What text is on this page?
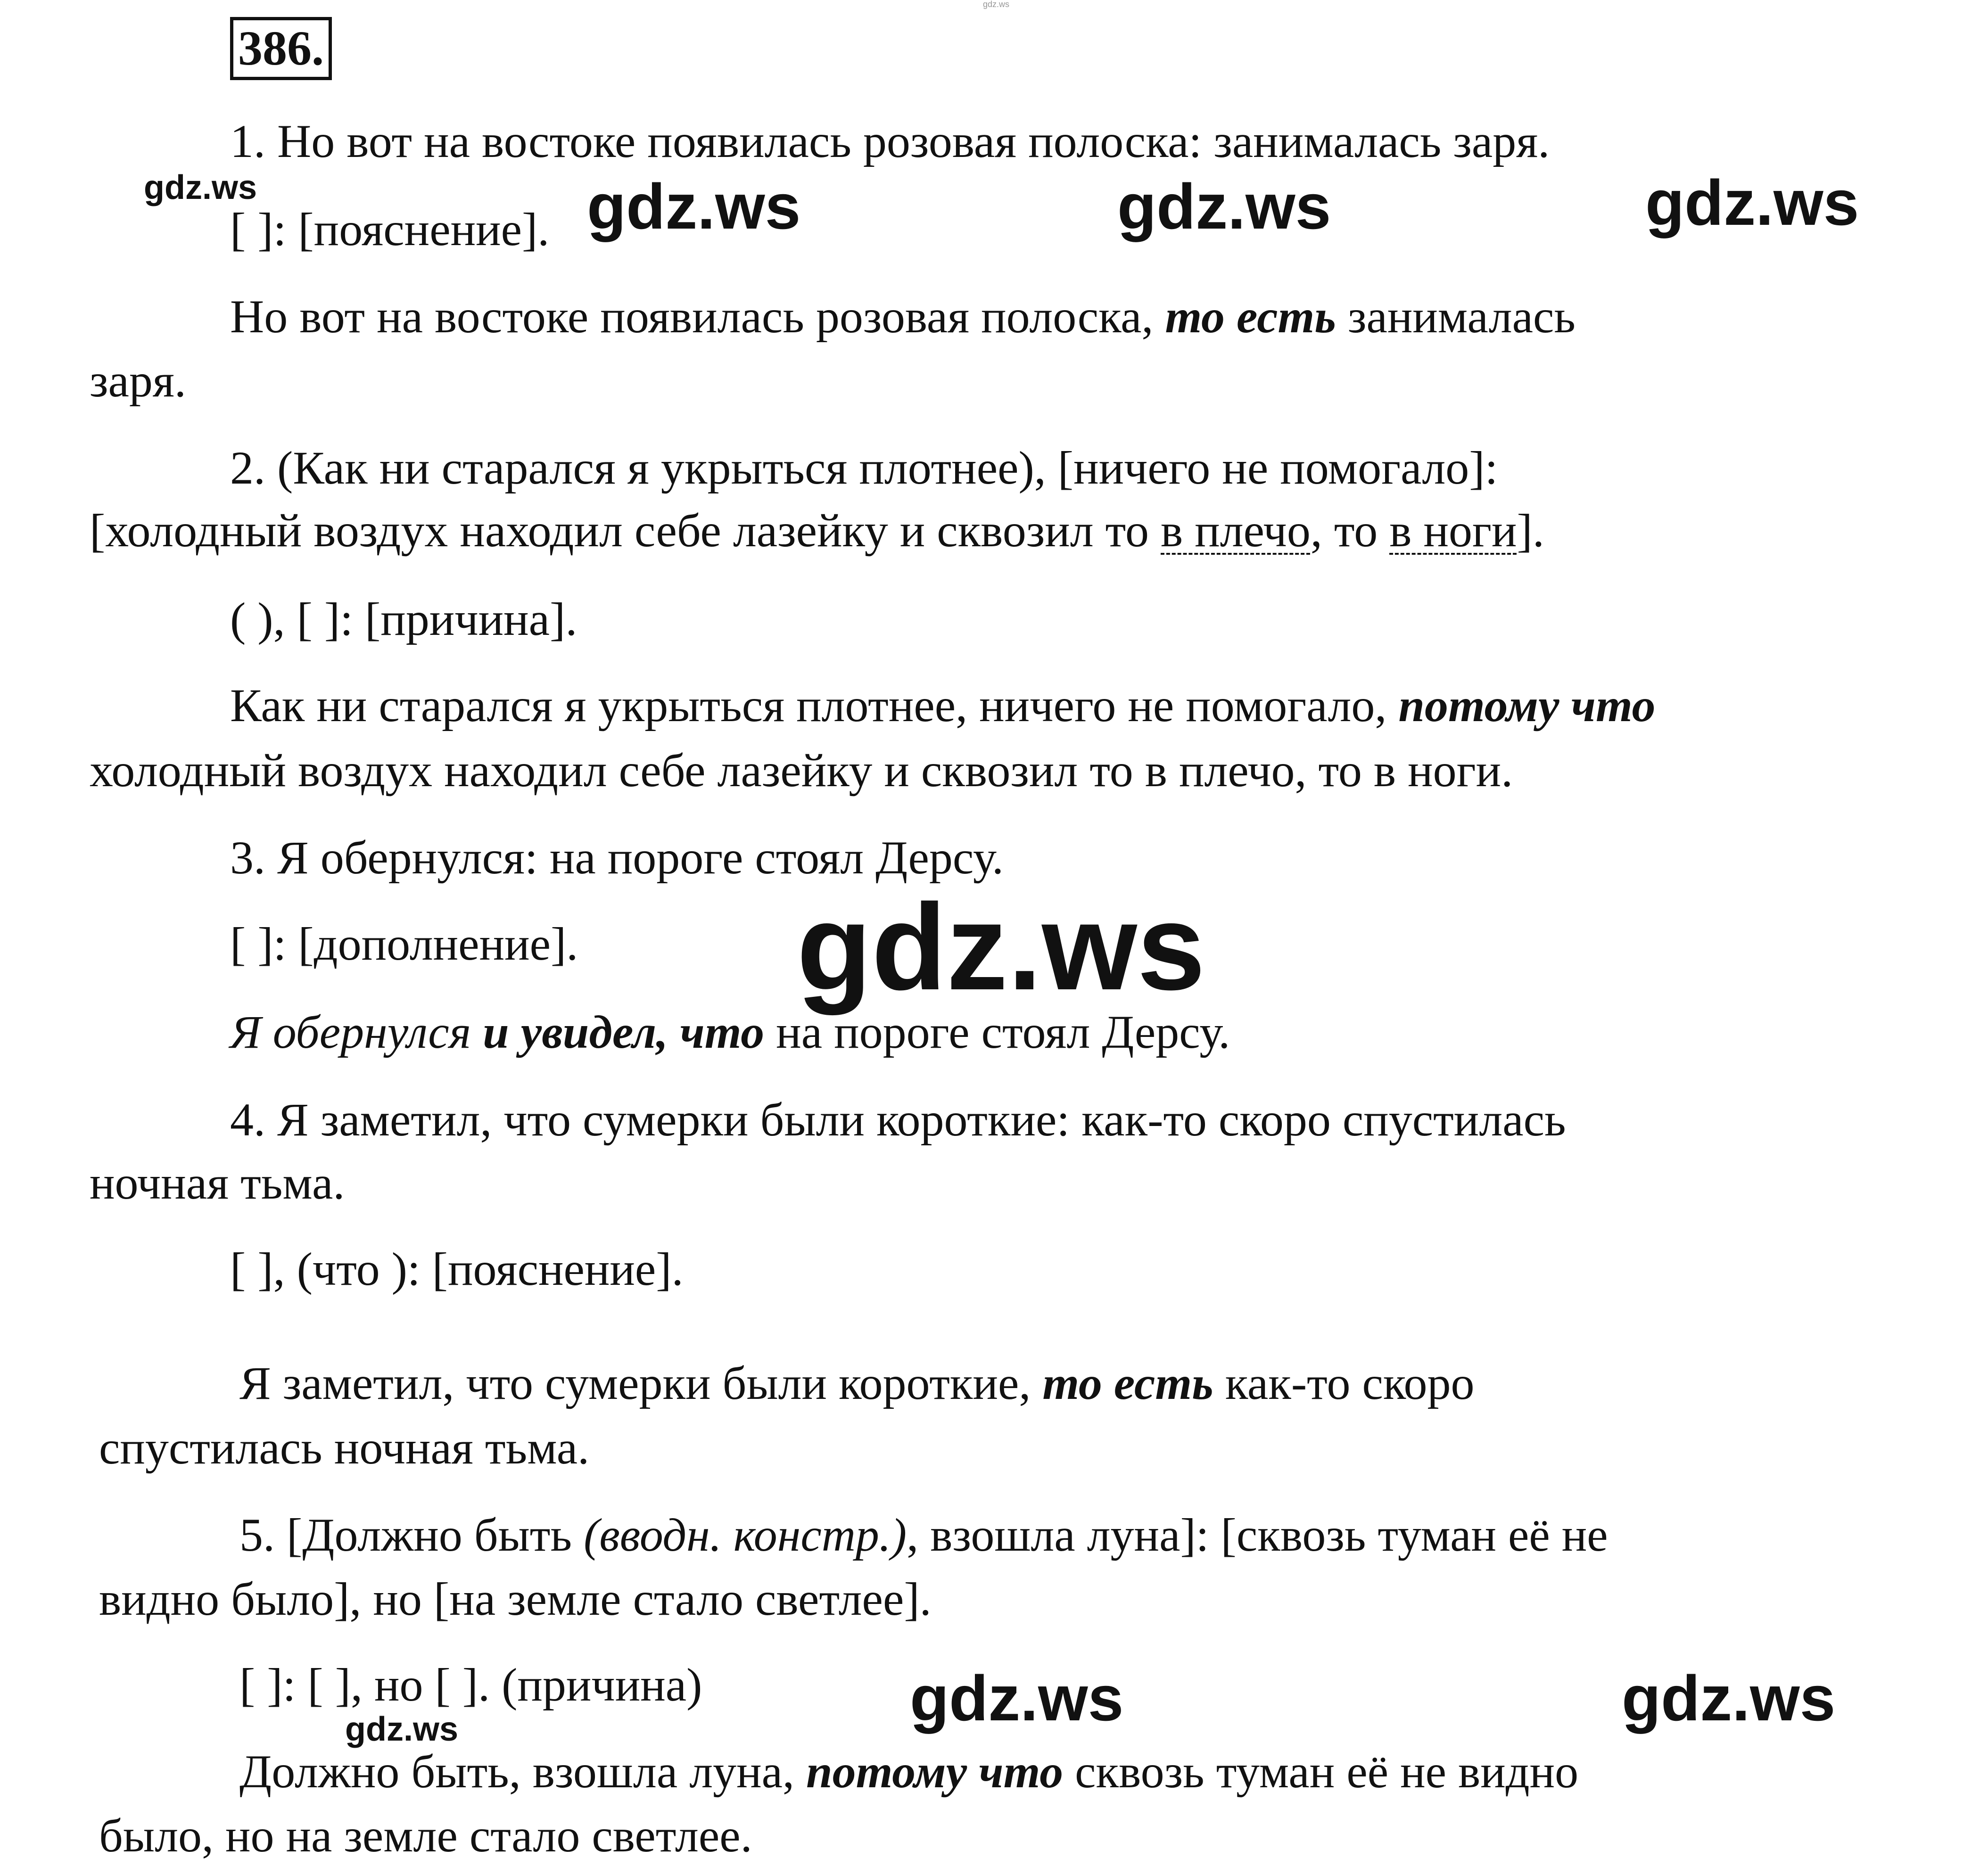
gdz.ws
386.
1. Но вот на востоке появилась розовая полоска: занималась заря.
[ ]: [пояснение].
Но вот на востоке появилась розовая полоска, то есть занималась
заря.
2. (Как ни старался я укрыться плотнее), [ничего не помогало]:
[холодный воздух находил себе лазейку и сквозил то в плечо, то в ноги].
( ), [ ]: [причина].
Как ни старался я укрыться плотнее, ничего не помогало, потому что
холодный воздух находил себе лазейку и сквозил то в плечо, то в ноги.
3. Я обернулся: на пороге стоял Дерсу.
[ ]: [дополнение].
Я обернулся и увидел, что на пороге стоял Дерсу.
4. Я заметил, что сумерки были короткие: как-то скоро спустилась
ночная тьма.
[ ], (что ): [пояснение].
Я заметил, что сумерки были короткие, то есть как-то скоро
спустилась ночная тьма.
5. [Должно быть (вводн. констр.), взошла луна]: [сквозь туман её не
видно было], но [на земле стало светлее].
[ ]: [ ], но [ ]. (причина)
Должно быть, взошла луна, потому что сквозь туман её не видно
было, но на земле стало светлее.
gdz.ws	gdz.ws	gdz.ws	gdz.ws
gdz.ws
gdz.ws	gdz.ws
gdz.ws
